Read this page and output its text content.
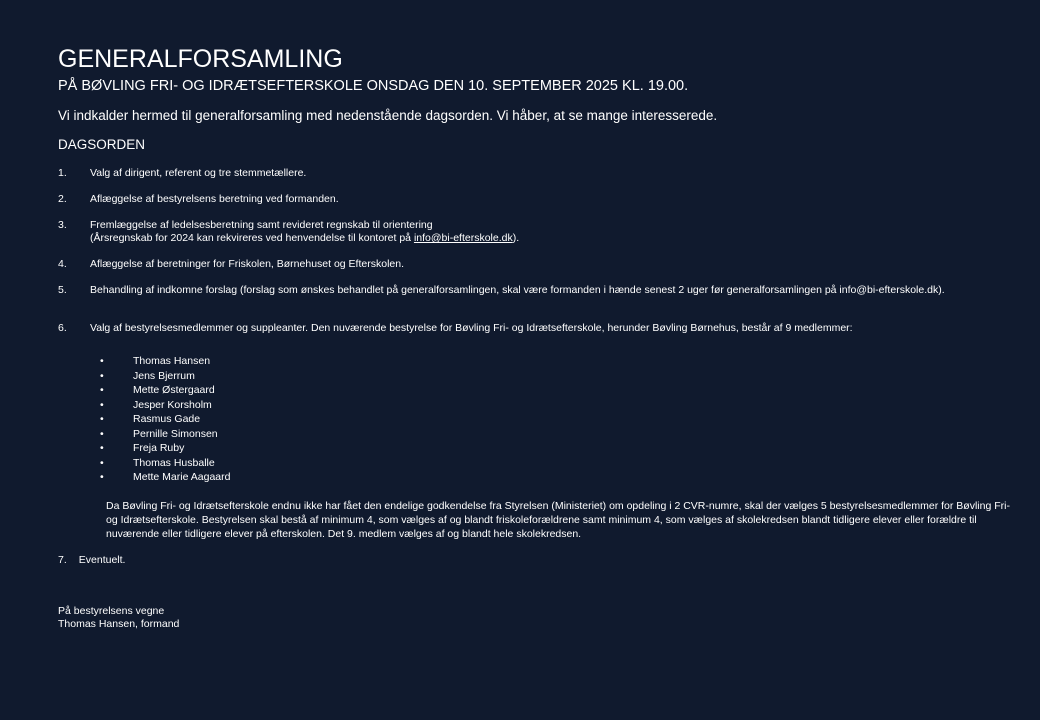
GENERALFORSAMLING
PÅ BØVLING FRI- OG IDRÆTSEFTERSKOLE ONSDAG DEN 10. SEPTEMBER 2025 KL. 19.00.
Vi indkalder hermed til generalforsamling med nedenstående dagsorden. Vi håber, at se mange interesserede.
DAGSORDEN
1. Valg af dirigent, referent og tre stemmetællere.
2. Aflæggelse af bestyrelsens beretning ved formanden.
3. Fremlæggelse af ledelsesberetning samt revideret regnskab til orientering
(Årsregnskab for 2024 kan rekvireres ved henvendelse til kontoret på info@bi-efterskole.dk).
4. Aflæggelse af beretninger for Friskolen, Børnehuset og Efterskolen.
5. Behandling af indkomne forslag (forslag som ønskes behandlet på generalforsamlingen, skal være formanden i hænde senest 2 uger før generalforsamlingen på info@bi-efterskole.dk).
6. Valg af bestyrelsesmedlemmer og suppleanter. Den nuværende bestyrelse for Bøvling Fri- og Idrætsefterskole, herunder Bøvling Børnehus, består af 9 medlemmer:
•	Thomas Hansen
•	Jens Bjerrum
•	Mette Østergaard
•	Jesper Korsholm
•	Rasmus Gade
•	Pernille Simonsen
•	Freja Ruby
•	Thomas Husballe
•	Mette Marie Aagaard
Da Bøvling Fri- og Idrætsefterskole endnu ikke har fået den endelige godkendelse fra Styrelsen (Ministeriet) om opdeling i 2 CVR-numre, skal der vælges 5 bestyrelsesmedlemmer for Bøvling Fri- og Idrætsefterskole. Bestyrelsen skal bestå af minimum 4, som vælges af og blandt friskoleforældrene samt minimum 4, som vælges af skolekredsen blandt tidligere elever eller forældre til nuværende eller tidligere elever på efterskolen. Det 9. medlem vælges af og blandt hele skolekredsen.
7. Eventuelt.
På bestyrelsens vegne
Thomas Hansen, formand
